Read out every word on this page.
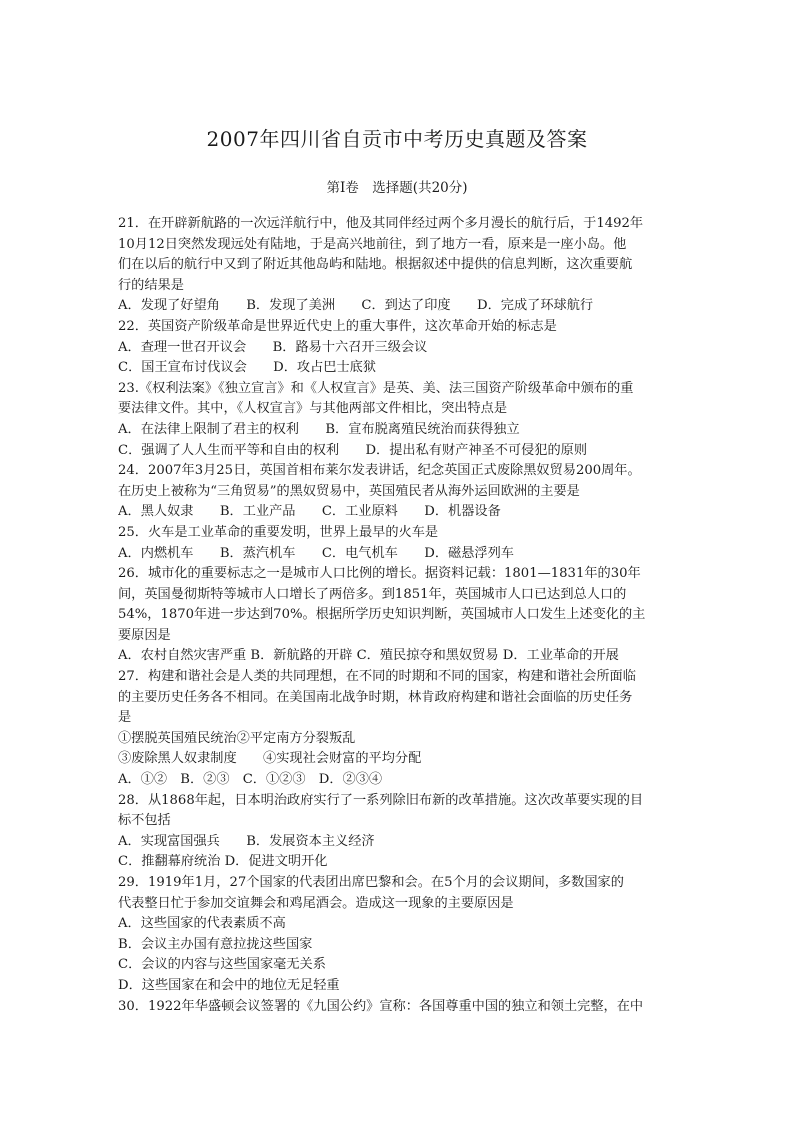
2007年四川省自贡市中考历史真题及答案
第Ⅰ卷　选择题(共20分)
21．在开辟新航路的一次远洋航行中，他及其同伴经过两个多月漫长的航行后，于1492年
10月12日突然发现远处有陆地，于是高兴地前往，到了地方一看，原来是一座小岛。他
们在以后的航行中又到了附近其他岛屿和陆地。根据叙述中提供的信息判断，这次重要航
行的结果是
A．发现了好望角　　B．发现了美洲　　C．到达了印度　　D．完成了环球航行
22．英国资产阶级革命是世界近代史上的重大事件，这次革命开始的标志是
A．查理一世召开议会　　B．路易十六召开三级会议
C．国王宣布讨伐议会　　D．攻占巴士底狱
23.《权利法案》《独立宣言》和《人权宣言》是英、美、法三国资产阶级革命中颁布的重
要法律文件。其中，《人权宣言》与其他两部文件相比，突出特点是
A．在法律上限制了君主的权利　　B．宣布脱离殖民统治而获得独立
C．强调了人人生而平等和自由的权利　　D．提出私有财产神圣不可侵犯的原则
24．2007年3月25日，英国首相布莱尔发表讲话，纪念英国正式废除黑奴贸易200周年。
在历史上被称为“三角贸易”的黑奴贸易中，英国殖民者从海外运回欧洲的主要是
A．黑人奴隶　　B．工业产品　　C．工业原料　　D．机器设备
25．火车是工业革命的重要发明，世界上最早的火车是
A．内燃机车　　B．蒸汽机车　　C．电气机车　　D．磁悬浮列车
26．城市化的重要标志之一是城市人口比例的增长。据资料记载：1801—1831年的30年
间，英国曼彻斯特等城市人口增长了两倍多。到1851年，英国城市人口已达到总人口的
54%，1870年进一步达到70%。根据所学历史知识判断，英国城市人口发生上述变化的主
要原因是
A．农村自然灾害严重 B．新航路的开辟 C．殖民掠夺和黑奴贸易 D．工业革命的开展
27．构建和谐社会是人类的共同理想，在不同的时期和不同的国家，构建和谐社会所面临
的主要历史任务各不相同。在美国南北战争时期，林肯政府构建和谐社会面临的历史任务
是
①摆脱英国殖民统治②平定南方分裂叛乱
③废除黑人奴隶制度　　④实现社会财富的平均分配
A．①②　B．②③　C．①②③　D．②③④
28．从1868年起，日本明治政府实行了一系列除旧布新的改革措施。这次改革要实现的目
标不包括
A．实现富国强兵　　B．发展资本主义经济
C．推翻幕府统治 D．促进文明开化
29．1919年1月，27个国家的代表团出席巴黎和会。在5个月的会议期间，多数国家的
代表整日忙于参加交谊舞会和鸡尾酒会。造成这一现象的主要原因是
A．这些国家的代表素质不高
B．会议主办国有意拉拢这些国家
C．会议的内容与这些国家毫无关系
D．这些国家在和会中的地位无足轻重
30．1922年华盛顿会议签署的《九国公约》宣称：各国尊重中国的独立和领土完整，在中
